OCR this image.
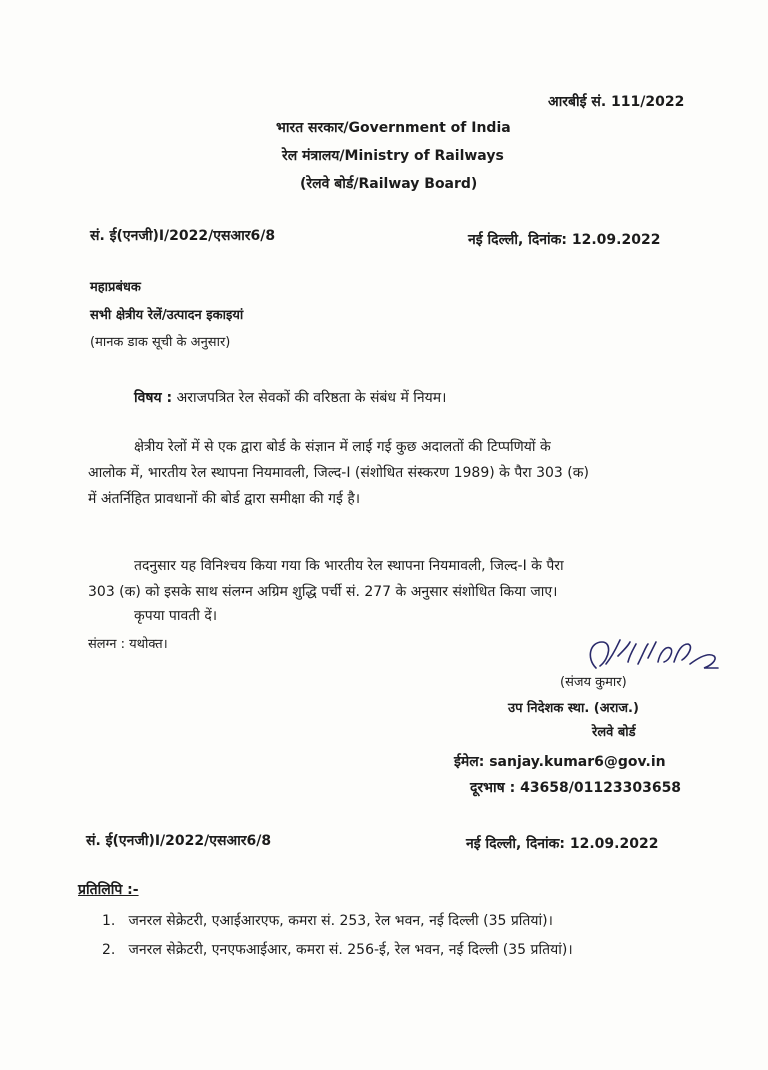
आरबीई सं. 111/2022
भारत सरकार/Government of India
रेल मंत्रालय/Ministry of Railways
(रेलवे बोर्ड/Railway Board)
सं. ई(एनजी)I/2022/एसआर6/8	नई दिल्ली, दिनांक: 12.09.2022
महाप्रबंधक
सभी क्षेत्रीय रेलें/उत्पादन इकाइयां
(मानक डाक सूची के अनुसार)
विषय : अराजपत्रित रेल सेवकों की वरिष्ठता के संबंध में नियम।
क्षेत्रीय रेलों में से एक द्वारा बोर्ड के संज्ञान में लाई गई कुछ अदालतों की टिप्पणियों के
आलोक में, भारतीय रेल स्थापना नियमावली, जिल्द-I (संशोधित संस्करण 1989) के पैरा 303 (क)
में अंतर्निहित प्रावधानों की बोर्ड द्वारा समीक्षा की गई है।
तदनुसार यह विनिश्चय किया गया कि भारतीय रेल स्थापना नियमावली, जिल्द-I के पैरा
303 (क) को इसके साथ संलग्न अग्रिम शुद्धि पर्ची सं. 277 के अनुसार संशोधित किया जाए।
कृपया पावती दें।
संलग्न : यथोक्त।
(संजय कुमार)
उप निदेशक स्था. (अराज.)
रेलवे बोर्ड
ईमेल: sanjay.kumar6@gov.in
दूरभाष : 43658/01123303658
सं. ई(एनजी)I/2022/एसआर6/8	नई दिल्ली, दिनांक: 12.09.2022
प्रतिलिपि :-
1. जनरल सेक्रेटरी, एआईआरएफ, कमरा सं. 253, रेल भवन, नई दिल्ली (35 प्रतियां)।
2. जनरल सेक्रेटरी, एनएफआईआर, कमरा सं. 256-ई, रेल भवन, नई दिल्ली (35 प्रतियां)।
